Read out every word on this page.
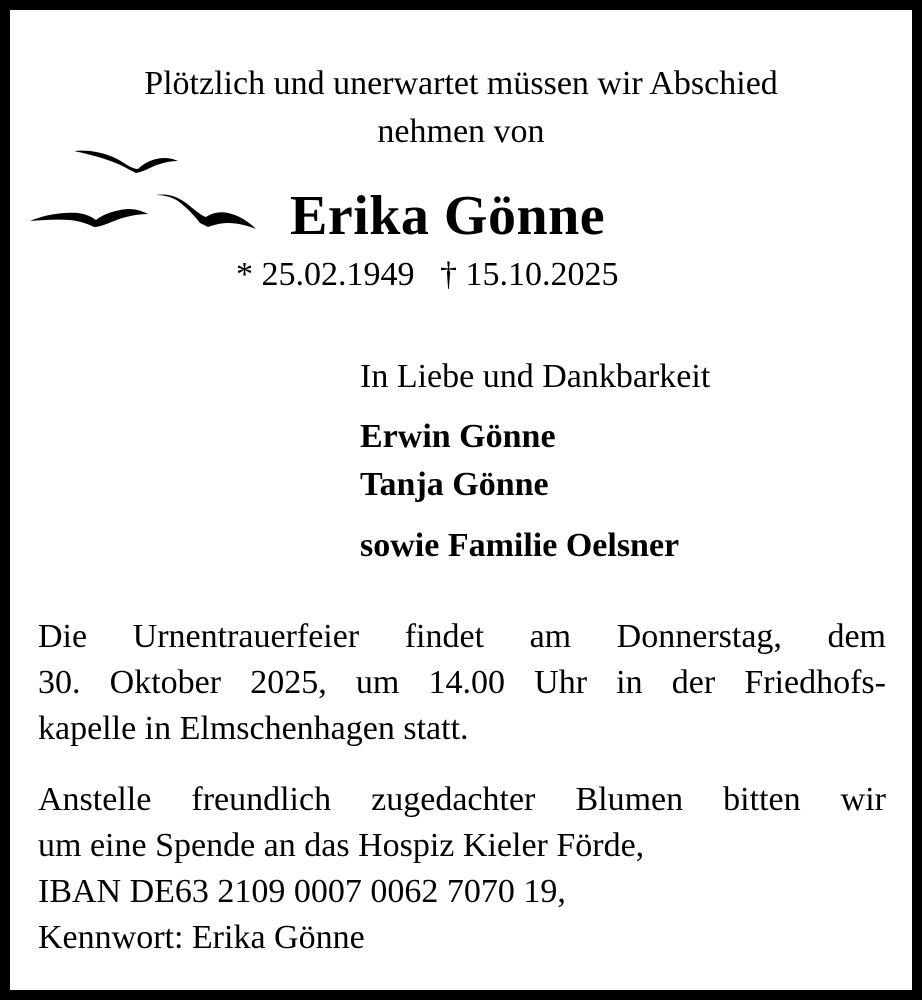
Plötzlich und unerwartet müssen wir Abschied
nehmen von
Erika Gönne
* 25.02.1949 † 15.10.2025
In Liebe und Dankbarkeit
Erwin Gönne
Tanja Gönne
sowie Familie Oelsner
Die Urnentrauerfeier findet am Donnerstag, dem
30. Oktober 2025, um 14.00 Uhr in der Friedhofs-
kapelle in Elmschenhagen statt.
Anstelle freundlich zugedachter Blumen bitten wir
um eine Spende an das Hospiz Kieler Förde,
IBAN DE63 2109 0007 0062 7070 19,
Kennwort: Erika Gönne
